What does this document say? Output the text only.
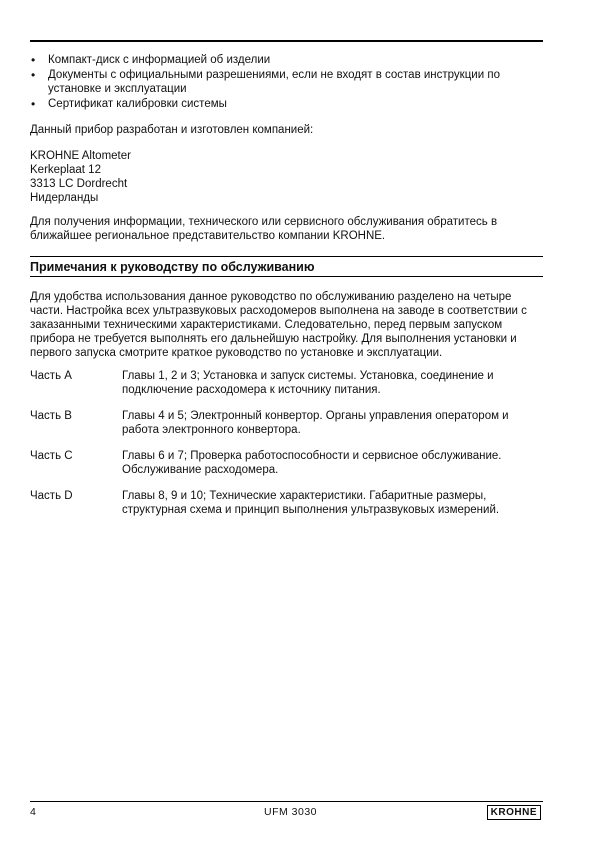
• Компакт-диск с информацией об изделии
• Документы с официальными разрешениями, если не входят в состав инструкции по установке и эксплуатации
• Сертификат калибровки системы

Данный прибор разработан и изготовлен компанией:

KROHNE Altometer
Kerkeplaat 12
3313 LC Dordrecht
Нидерланды

Для получения информации, технического или сервисного обслуживания обратитесь в ближайшее региональное представительство компании KROHNE.

Примечания к руководству по обслуживанию

Для удобства использования данное руководство по обслуживанию разделено на четыре части. Настройка всех ультразвуковых расходомеров выполнена на заводе в соответствии с заказанными техническими характеристиками. Следовательно, перед первым запуском прибора не требуется выполнять его дальнейшую настройку. Для выполнения установки и первого запуска смотрите краткое руководство по установке и эксплуатации.

Часть A	Главы 1, 2 и 3; Установка и запуск системы. Установка, соединение и подключение расходомера к источнику питания.
Часть B	Главы 4 и 5; Электронный конвертор. Органы управления оператором и работа электронного конвертора.
Часть C	Главы 6 и 7; Проверка работоспособности и сервисное обслуживание. Обслуживание расходомера.
Часть D	Главы 8, 9 и 10; Технические характеристики. Габаритные размеры, структурная схема и принцип выполнения ультразвуковых измерений.
4	UFM 3030	KROHNE
